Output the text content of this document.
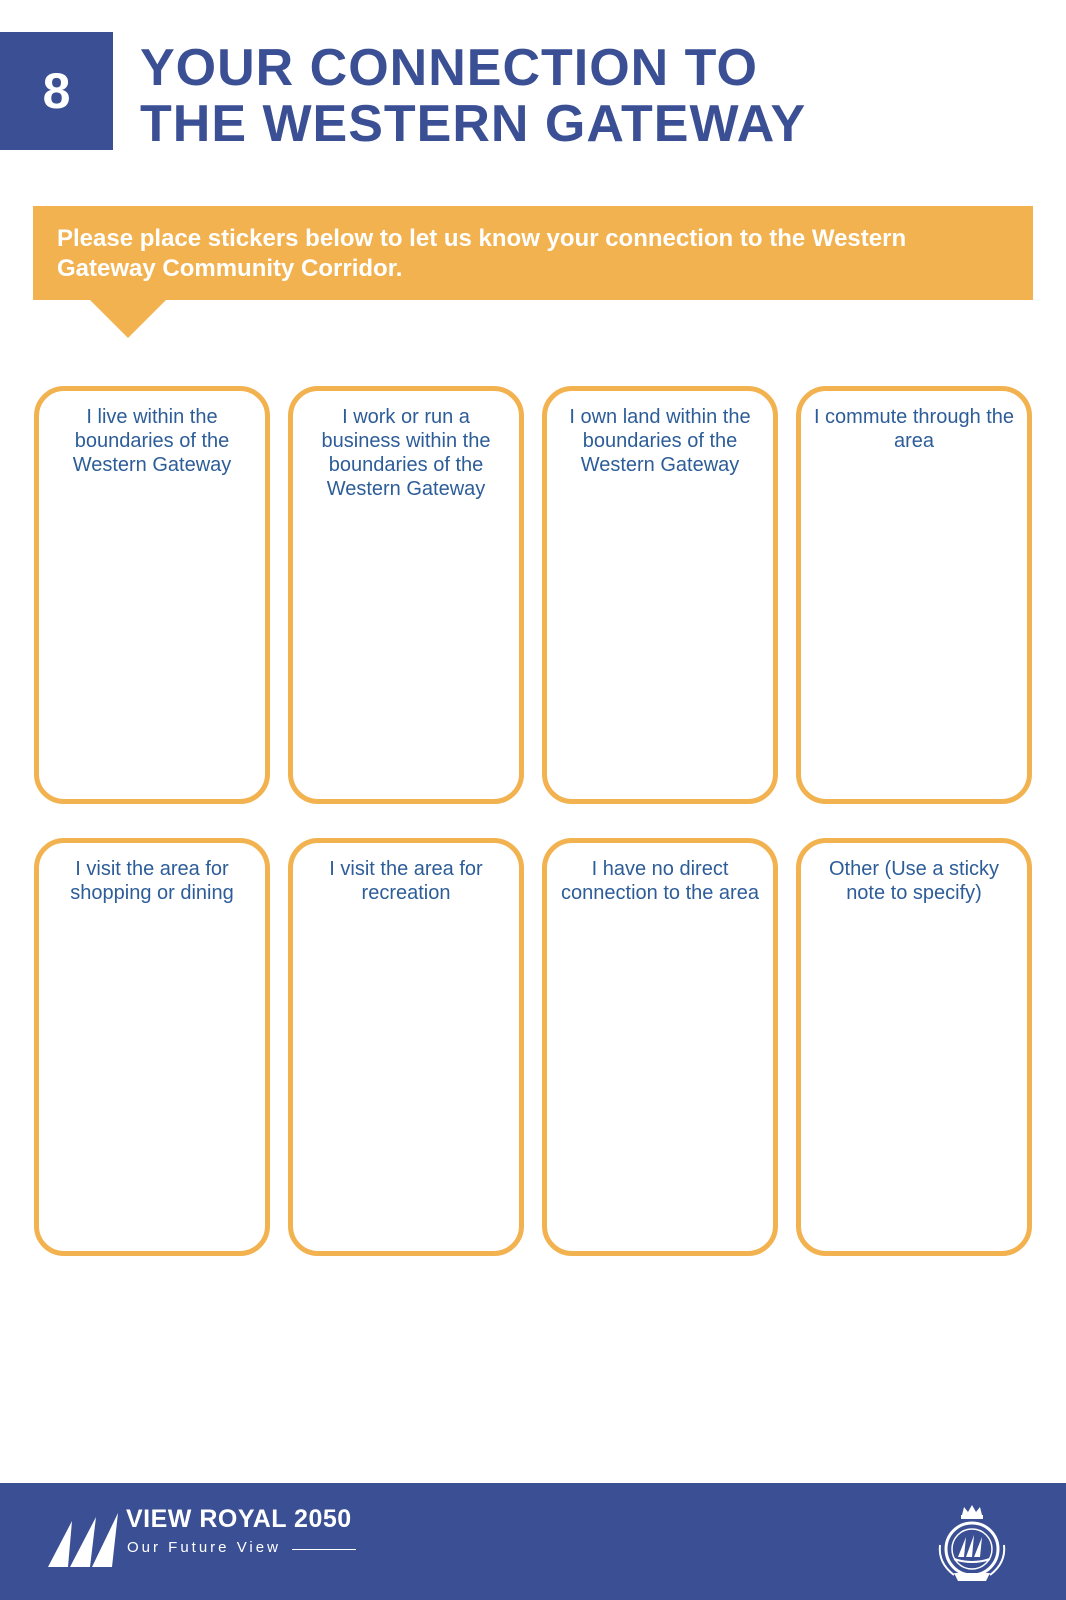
8	YOUR CONNECTION TO
THE WESTERN GATEWAY
Please place stickers below to let us know your connection to the Western Gateway Community Corridor.
I live within the boundaries of the Western Gateway
I work or run a business within the boundaries of the Western Gateway
I own land within the boundaries of the Western Gateway
I commute through the area
I visit the area for shopping or dining
I visit the area for recreation
I have no direct connection to the area
Other (Use a sticky note to specify)
VIEW ROYAL 2050
Our Future View
